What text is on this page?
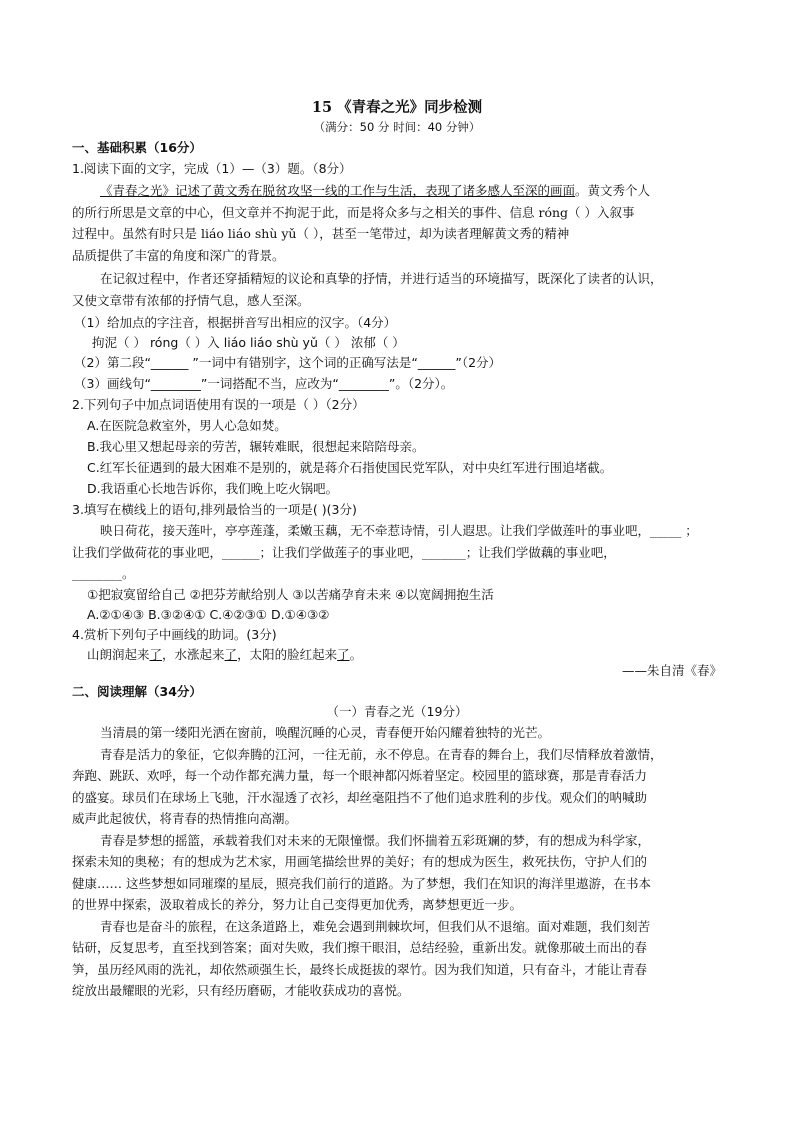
15 《青春之光》同步检测
（满分：50 分 时间：40 分钟）
一、基础积累（16分）
1.阅读下面的文字，完成（1）—（3）题。（8分）
《青春之光》记述了黄文秀在脱贫攻坚一线的工作与生活，表现了诸多感人至深的画面。黄文秀个人
的所行所思是文章的中心，但文章并不拘泥于此，而是将众多与之相关的事件、信息 róng（ ）入叙事
过程中。虽然有时只是 liáo liáo shù yǔ（ ），甚至一笔带过，却为读者理解黄文秀的精神
品质提供了丰富的角度和深广的背景。
在记叙过程中，作者还穿插精短的议论和真挚的抒情，并进行适当的环境描写，既深化了读者的认识，
又使文章带有浓郁的抒情气息，感人至深。
（1）给加点的字注音，根据拼音写出相应的汉字。（4分）
拘泥（ ） róng（ ）入 liáo liáo shù yǔ（ ） 浓郁（ ）
（2）第二段“______ ”一词中有错别字，这个词的正确写法是“______”（2分）
（3）画线句“________”一词搭配不当，应改为“________”。（2分）。
2.下列句子中加点词语使用有误的一项是（ ）（2分）
A.在医院急救室外，男人心急如焚。
B.我心里又想起母亲的劳苦，辗转难眠，很想起来陪陪母亲。
C.红军长征遇到的最大困难不是别的，就是蒋介石指使国民党军队，对中央红军进行围追堵截。
D.我语重心长地告诉你，我们晚上吃火锅吧。
3.填写在横线上的语句,排列最恰当的一项是( )(3分)
映日荷花，接天莲叶，亭亭莲蓬，柔嫩玉藕，无不牵惹诗情，引人遐思。让我们学做莲叶的事业吧，_____ ；
让我们学做荷花的事业吧，______；让我们学做莲子的事业吧，_______；让我们学做藕的事业吧，
________。
①把寂寞留给自己 ②把芬芳献给别人 ③以苦痛孕育未来 ④以宽阔拥抱生活
A.②①④③ B.③②④① C.④②③① D.①④③②
4.赏析下列句子中画线的助词。(3分)
山朗润起来了，水涨起来了，太阳的脸红起来了。
——朱自清《春》
二、阅读理解（34分）
（一）青春之光（19分）
当清晨的第一缕阳光洒在窗前，唤醒沉睡的心灵，青春便开始闪耀着独特的光芒。
青春是活力的象征，它似奔腾的江河，一往无前，永不停息。在青春的舞台上，我们尽情释放着激情，
奔跑、跳跃、欢呼，每一个动作都充满力量，每一个眼神都闪烁着坚定。校园里的篮球赛，那是青春活力
的盛宴。球员们在球场上飞驰，汗水湿透了衣衫，却丝毫阻挡不了他们追求胜利的步伐。观众们的呐喊助
威声此起彼伏，将青春的热情推向高潮。
青春是梦想的摇篮，承载着我们对未来的无限憧憬。我们怀揣着五彩斑斓的梦，有的想成为科学家，
探索未知的奥秘；有的想成为艺术家，用画笔描绘世界的美好；有的想成为医生，救死扶伤，守护人们的
健康…… 这些梦想如同璀璨的星辰，照亮我们前行的道路。为了梦想，我们在知识的海洋里遨游，在书本
的世界中探索，汲取着成长的养分，努力让自己变得更加优秀，离梦想更近一步。
青春也是奋斗的旅程，在这条道路上，难免会遇到荆棘坎坷，但我们从不退缩。面对难题，我们刻苦
钻研，反复思考，直至找到答案；面对失败，我们擦干眼泪，总结经验，重新出发。就像那破土而出的春
笋，虽历经风雨的洗礼，却依然顽强生长，最终长成挺拔的翠竹。因为我们知道，只有奋斗，才能让青春
绽放出最耀眼的光彩，只有经历磨砺，才能收获成功的喜悦。
